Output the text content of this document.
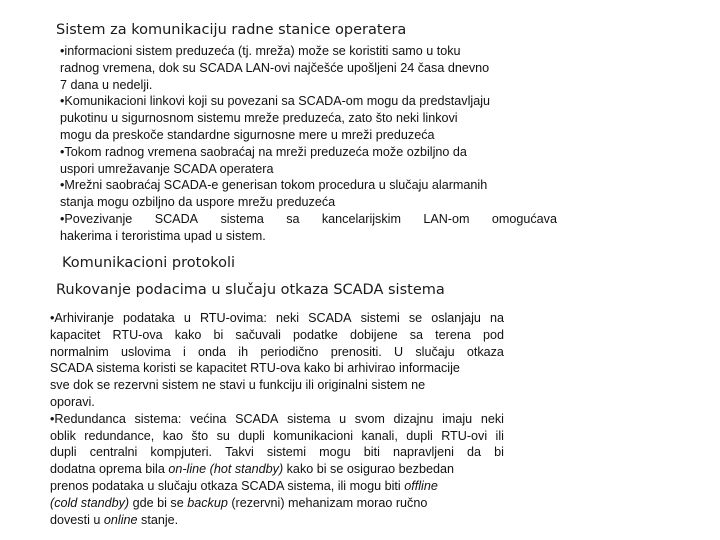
Sistem za komunikaciju radne stanice operatera
•informacioni sistem preduzeća (tj. mreža) može se koristiti samo u toku
radnog vremena, dok su SCADA LAN-ovi najčešće upošljeni 24 časa dnevno
7 dana u nedelji.
•Komunikacioni linkovi koji su povezani sa SCADA-om mogu da predstavljaju
pukotinu u sigurnosnom sistemu mreže preduzeća, zato što neki linkovi
mogu da preskoče standardne sigurnosne mere u mreži preduzeća
•Tokom radnog vremena saobraćaj na mreži preduzeća može ozbiljno da
uspori umrežavanje SCADA operatera
•Mrežni saobraćaj SCADA-e generisan tokom procedura u slučaju alarmanih
stanja mogu ozbiljno da uspore mrežu preduzeća
•Povezivanje SCADA sistema sa kancelarijskim LAN-om omogućava
hakerima i teroristima upad u sistem.
Komunikacioni protokoli
Rukovanje podacima u slučaju otkaza SCADA sistema
•Arhiviranje podataka u RTU-ovima: neki SCADA sistemi se oslanjaju na
kapacitet RTU-ova kako bi sačuvali podatke dobijene sa terena pod
normalnim uslovima i onda ih periodično prenositi. U slučaju otkaza
SCADA sistema koristi se kapacitet RTU-ova kako bi arhivirao informacije
sve dok se rezervni sistem ne stavi u funkciju ili originalni sistem ne
oporavi.
•Redundanca sistema: većina SCADA sistema u svom dizajnu imaju neki
oblik redundance, kao što su dupli komunikacioni kanali, dupli RTU-ovi ili
dupli centralni kompjuteri. Takvi sistemi mogu biti napravljeni da bi
dodatna oprema bila on-line (hot standby) kako bi se osigurao bezbedan
prenos podataka u slučaju otkaza SCADA sistema, ili mogu biti offline
(cold standby) gde bi se backup (rezervni) mehanizam morao ručno
dovesti u online stanje.
